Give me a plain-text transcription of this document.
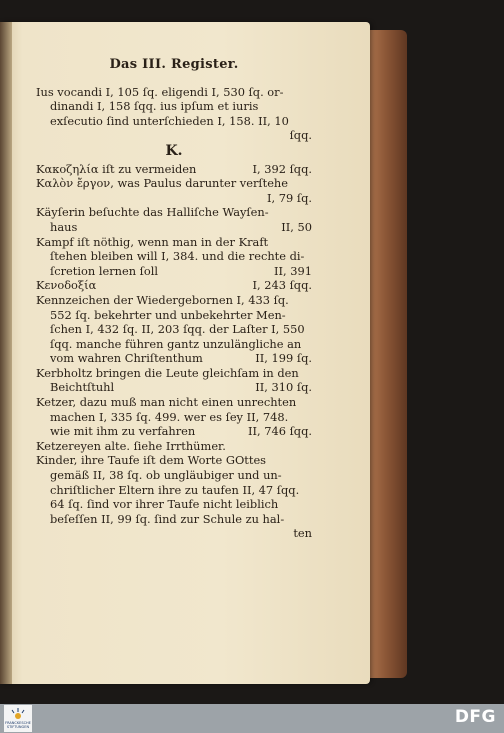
Das III. Register.
Ius vocandi I, 105 ſq. eligendi I, 530 ſq. or-
dinandi I, 158 ſqq. ius ipſum et iuris
exſecutio ſind unterſchieden I, 158. II, 10
ſqq.
K.
Κακοζηλία iſt zu vermeiden	I, 392 ſqq.
Καλὸν ἔργον, was Paulus darunter verſtehe
I, 79 ſq.
Käyſerin beſuchte das Halliſche Wayſen-
haus	II, 50
Kampf iſt nöthig, wenn man in der Kraft
ſtehen bleiben will I, 384. und die rechte di-
ſcretion lernen ſoll	II, 391
Κενοδοξία	I, 243 ſqq.
Kennzeichen der Wiedergebornen I, 433 ſq.
552 ſq. bekehrter und unbekehrter Men-
ſchen I, 432 ſq. II, 203 ſqq. der Laſter I, 550
ſqq. manche führen gantz unzulängliche an
vom wahren Chriſtenthum	II, 199 ſq.
Kerbholtz bringen die Leute gleichſam in den
Beichtſtuhl	II, 310 ſq.
Ketzer, dazu muß man nicht einen unrechten
machen I, 335 ſq. 499. wer es ſey II, 748.
wie mit ihm zu verfahren	II, 746 ſqq.
Ketzereyen alte. ſiehe Irrthümer.
Kinder, ihre Taufe iſt dem Worte GOttes
gemäß II, 38 ſq. ob ungläubiger und un-
chriſtlicher Eltern ihre zu taufen II, 47 ſqq.
64 ſq. ſind vor ihrer Taufe nicht leiblich
beſeſſen II, 99 ſq. ſind zur Schule zu hal-
ten
FRANCKESCHE STIFTUNGEN	DFG
